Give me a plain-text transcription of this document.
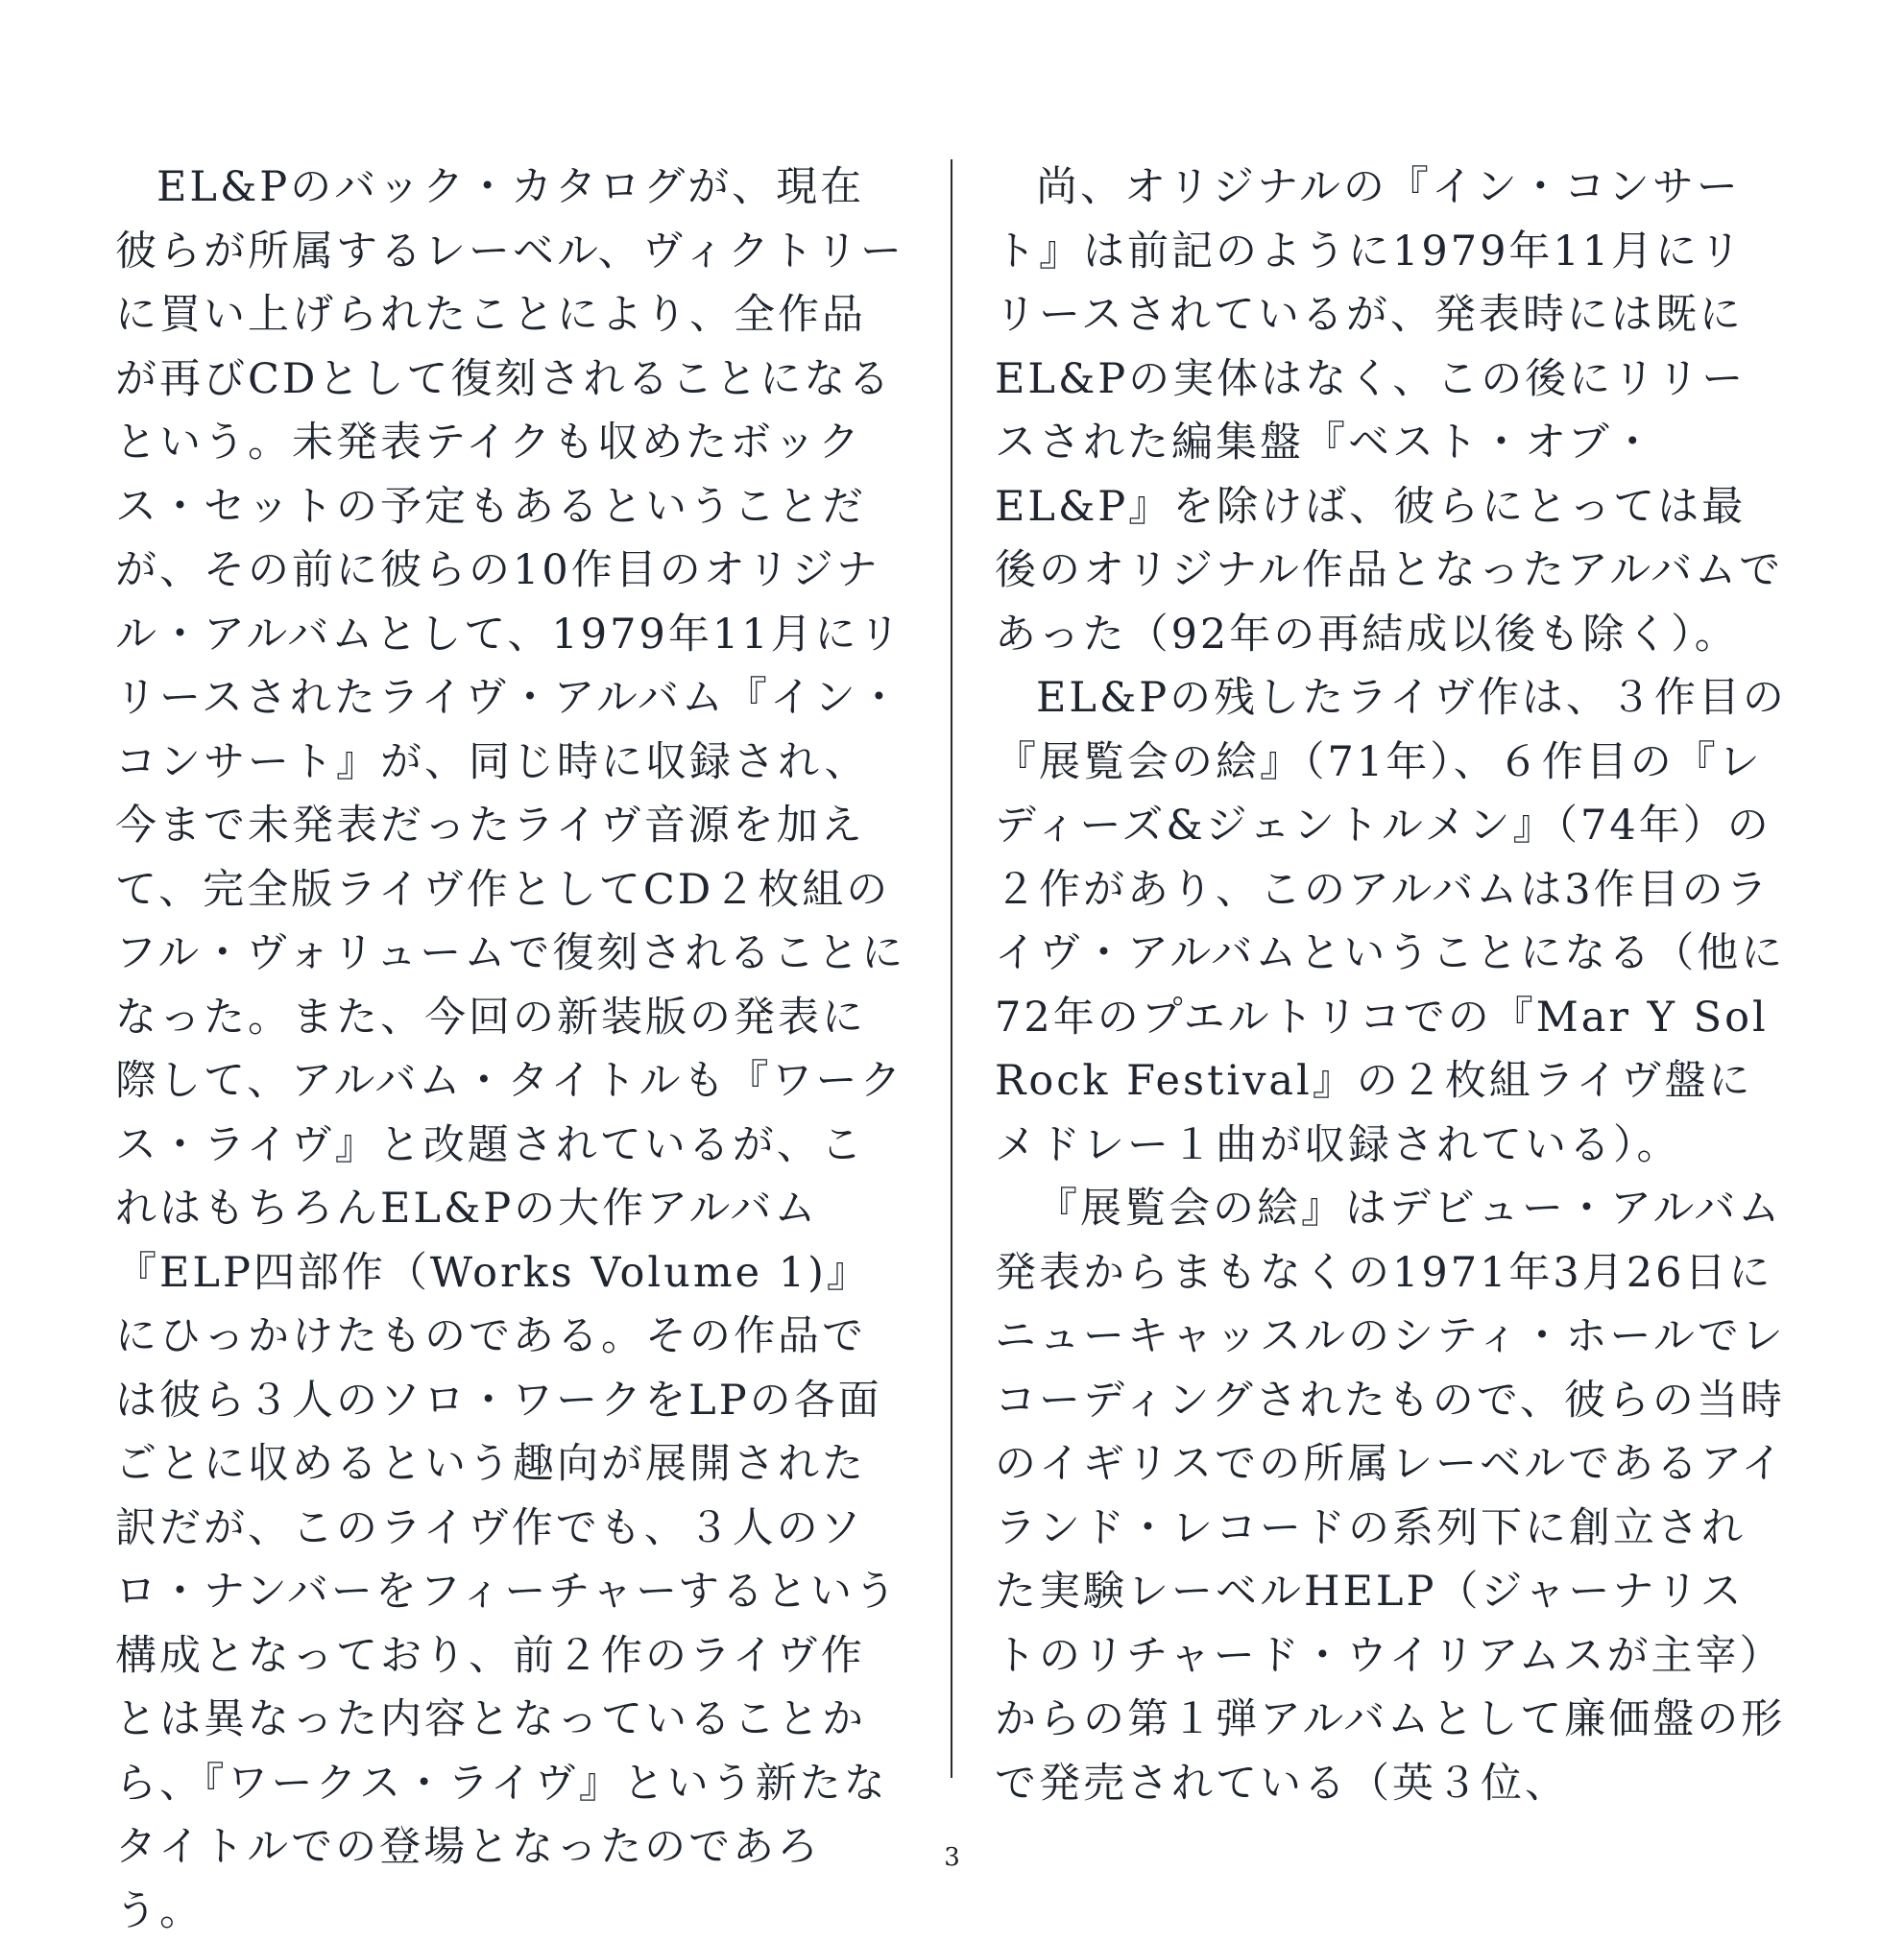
EL&Pのバック・カタログが、現在彼らが所属するレーベル、ヴィクトリーに買い上げられたことにより、全作品が再びCDとして復刻されることになるという。未発表テイクも収めたボックス・セットの予定もあるということだが、その前に彼らの10作目のオリジナル・アルバムとして、1979年11月にリリースされたライヴ・アルバム『イン・コンサート』が、同じ時に収録され、今まで未発表だったライヴ音源を加えて、完全版ライヴ作としてCD２枚組のフル・ヴォリュームで復刻されることになった。また、今回の新装版の発表に際して、アルバム・タイトルも『ワークス・ライヴ』と改題されているが、これはもちろんEL&Pの大作アルバム『ELP四部作（Works Volume 1)』にひっかけたものである。その作品では彼ら３人のソロ・ワークをLPの各面ごとに収めるという趣向が展開された訳だが、このライヴ作でも、３人のソロ・ナンバーをフィーチャーするという構成となっており、前２作のライヴ作とは異なった内容となっていることから、『ワークス・ライヴ』という新たなタイトルでの登場となったのであろう。

尚、オリジナルの『イン・コンサート』は前記のように1979年11月にリリースされているが、発表時には既にEL&Pの実体はなく、この後にリリースされた編集盤『ベスト・オブ・EL&P』を除けば、彼らにとっては最後のオリジナル作品となったアルバムであった（92年の再結成以後も除く）。

EL&Pの残したライヴ作は、３作目の『展覧会の絵』（71年）、６作目の『レディーズ&ジェントルメン』（74年）の２作があり、このアルバムは3作目のライヴ・アルバムということになる（他に72年のプエルトリコでの『Mar Y Sol Rock Festival』の２枚組ライヴ盤にメドレー１曲が収録されている）。

『展覧会の絵』はデビュー・アルバム発表からまもなくの1971年3月26日にニューキャッスルのシティ・ホールでレコーディングされたもので、彼らの当時のイギリスでの所属レーベルであるアイランド・レコードの系列下に創立された実験レーベルHELP（ジャーナリストのリチャード・ウイリアムスが主宰）からの第１弾アルバムとして廉価盤の形で発売されている（英３位、

3
